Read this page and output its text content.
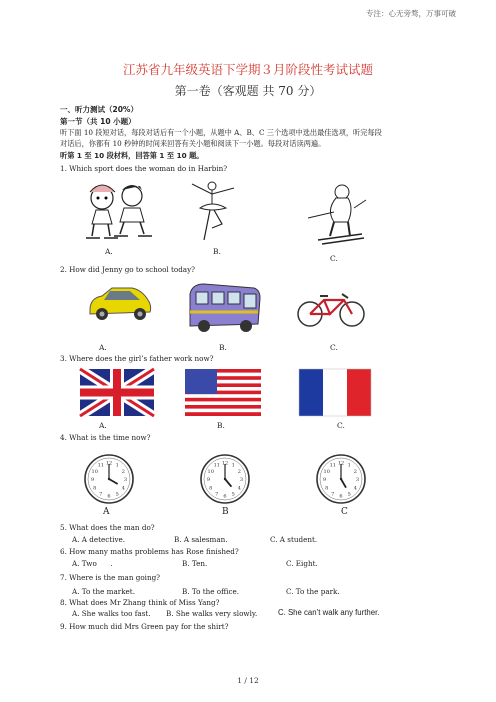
专注：心无旁骛，万事可破
江苏省九年级英语下学期３月阶段性考试试题
第一卷（客观题 共 70 分）
一、听力测试（20%）
第一节（共 10 小题）
听下面 10 段短对话，每段对话后有一个小题，从题中 A、B、C 三个选项中选出最佳选项，听完每段
对话后，你都有 10 秒钟的时间来回答有关小题和阅读下一小题。每段对话读两遍。
听第 1 至 10 段材料，回答第 1 至 10 题。
1. Which sport does the woman do in Harbin?
A.	B.
C.
2. How did Jenny go to school today?
A.	B.	C.
3. Where does the girl’s father work now?
A.	B.	C.
4. What is the time now?
12 1
2
3
4
5
6
7
8
9
10
11	12 1
2
3
4
5
6
7
8
9
10
11	12 1
2
3
4
5
6
7
8
9
10
11
A	B	C
5. What does the man do?
A. A detective.	B. A salesman.	C. A student.
6. How many maths problems has Rose finished?
A. Two      .	B. Ten.	C. Eight.
7. Where is the man going?
A. To the market.	B. To the office.	C. To the park.
8. What does Mr Zhang think of Miss Yang?
A. She walks too fast. B. She walks very slowly.	C. She can’t walk any further.
9. How much did Mrs Green pay for the shirt?
1 / 12
